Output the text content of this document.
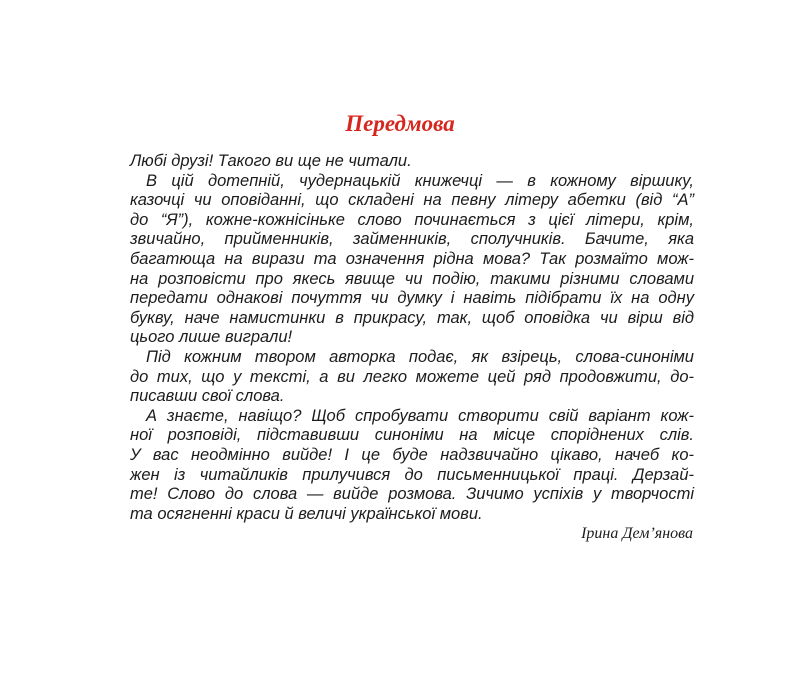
Передмова
Любі друзі! Такого ви ще не читали.
В цій дотепній, чудернацькій книжечці — в кожному віршику,
казочці чи оповіданні, що складені на певну літеру абетки (від “А”
до “Я”), кожне-кожнісіньке слово починається з цієї літери, крім,
звичайно, прийменників, займенників, сполучників. Бачите, яка
багатюща на вирази та означення рідна мова? Так розмаїто мож-
на розповісти про якесь явище чи подію, такими різними словами
передати однакові почуття чи думку і навіть підібрати їх на одну
букву, наче намистинки в прикрасу, так, щоб оповідка чи вірш від
цього лише виграли!
Під кожним твором авторка подає, як взірець, слова-синоніми
до тих, що у тексті, а ви легко можете цей ряд продовжити, до-
писавши свої слова.
А знаєте, навіщо? Щоб спробувати створити свій варіант кож-
ної розповіді, підставивши синоніми на місце споріднених слів.
У вас неодмінно вийде! І це буде надзвичайно цікаво, начеб ко-
жен із читайликів прилучився до письменницької праці. Дерзай-
те! Слово до слова — вийде розмова. Зичимо успіхів у творчості
та осягненні краси й величі української мови.
Ірина Дем’янова
